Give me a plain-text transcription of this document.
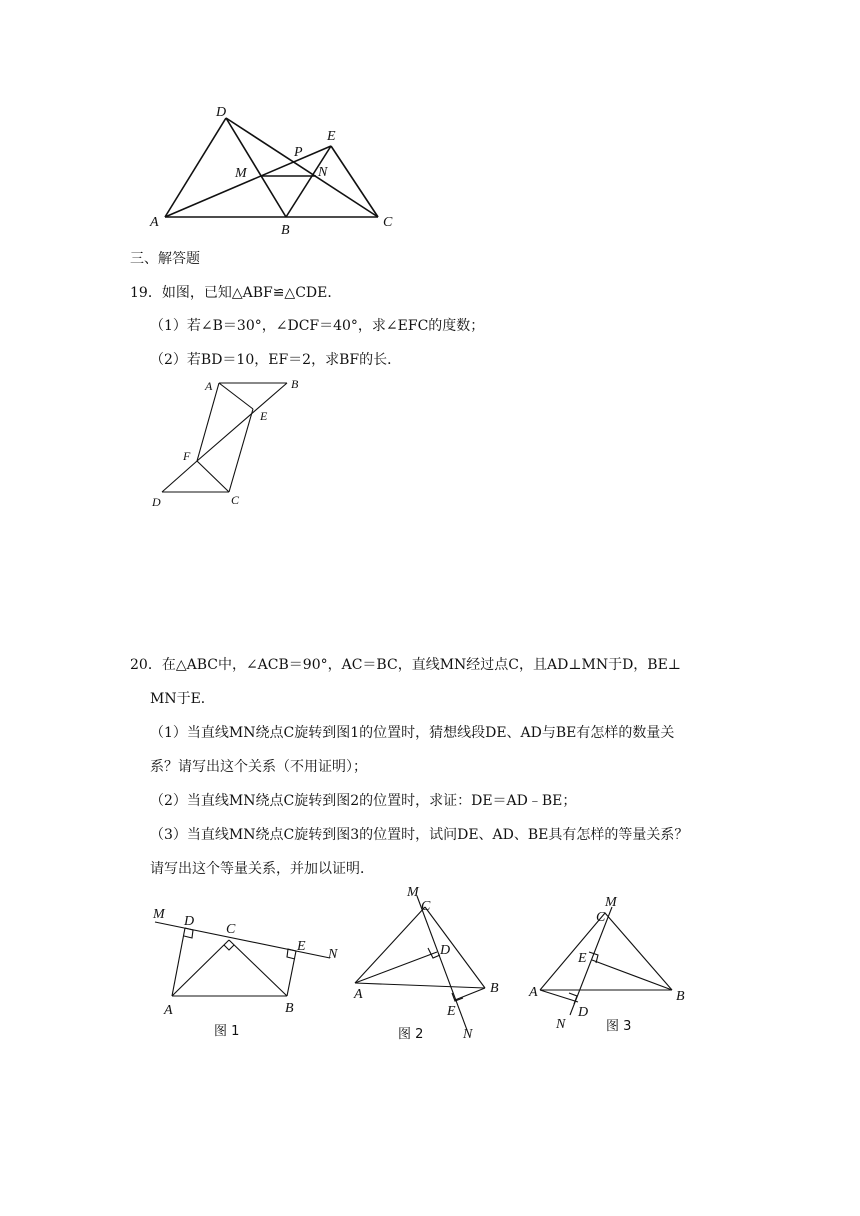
D
E
P
M	N
A
B
C
三、解答题
19．如图，已知△ABF≌△CDE．
（1）若∠B＝30°，∠DCF＝40°，求∠EFC的度数；
（2）若BD＝10，EF＝2，求BF的长．
A	B
E
F
D	C
20．在△ABC中，∠ACB＝90°，AC＝BC，直线MN经过点C，且AD⊥MN于D，BE⊥
MN于E．
（1）当直线MN绕点C旋转到图1的位置时，猜想线段DE、AD与BE有怎样的数量关
系？请写出这个关系（不用证明）；
（2）当直线MN绕点C旋转到图2的位置时，求证：DE＝AD﹣BE；
（3）当直线MN绕点C旋转到图3的位置时，试问DE、AD、BE具有怎样的等量关系？
请写出这个等量关系，并加以证明．
M D
C
E
N
A	B
图 1
M
C
D
A	B
E
N
图 2
M
C
E
A
D
B
N	图 3
